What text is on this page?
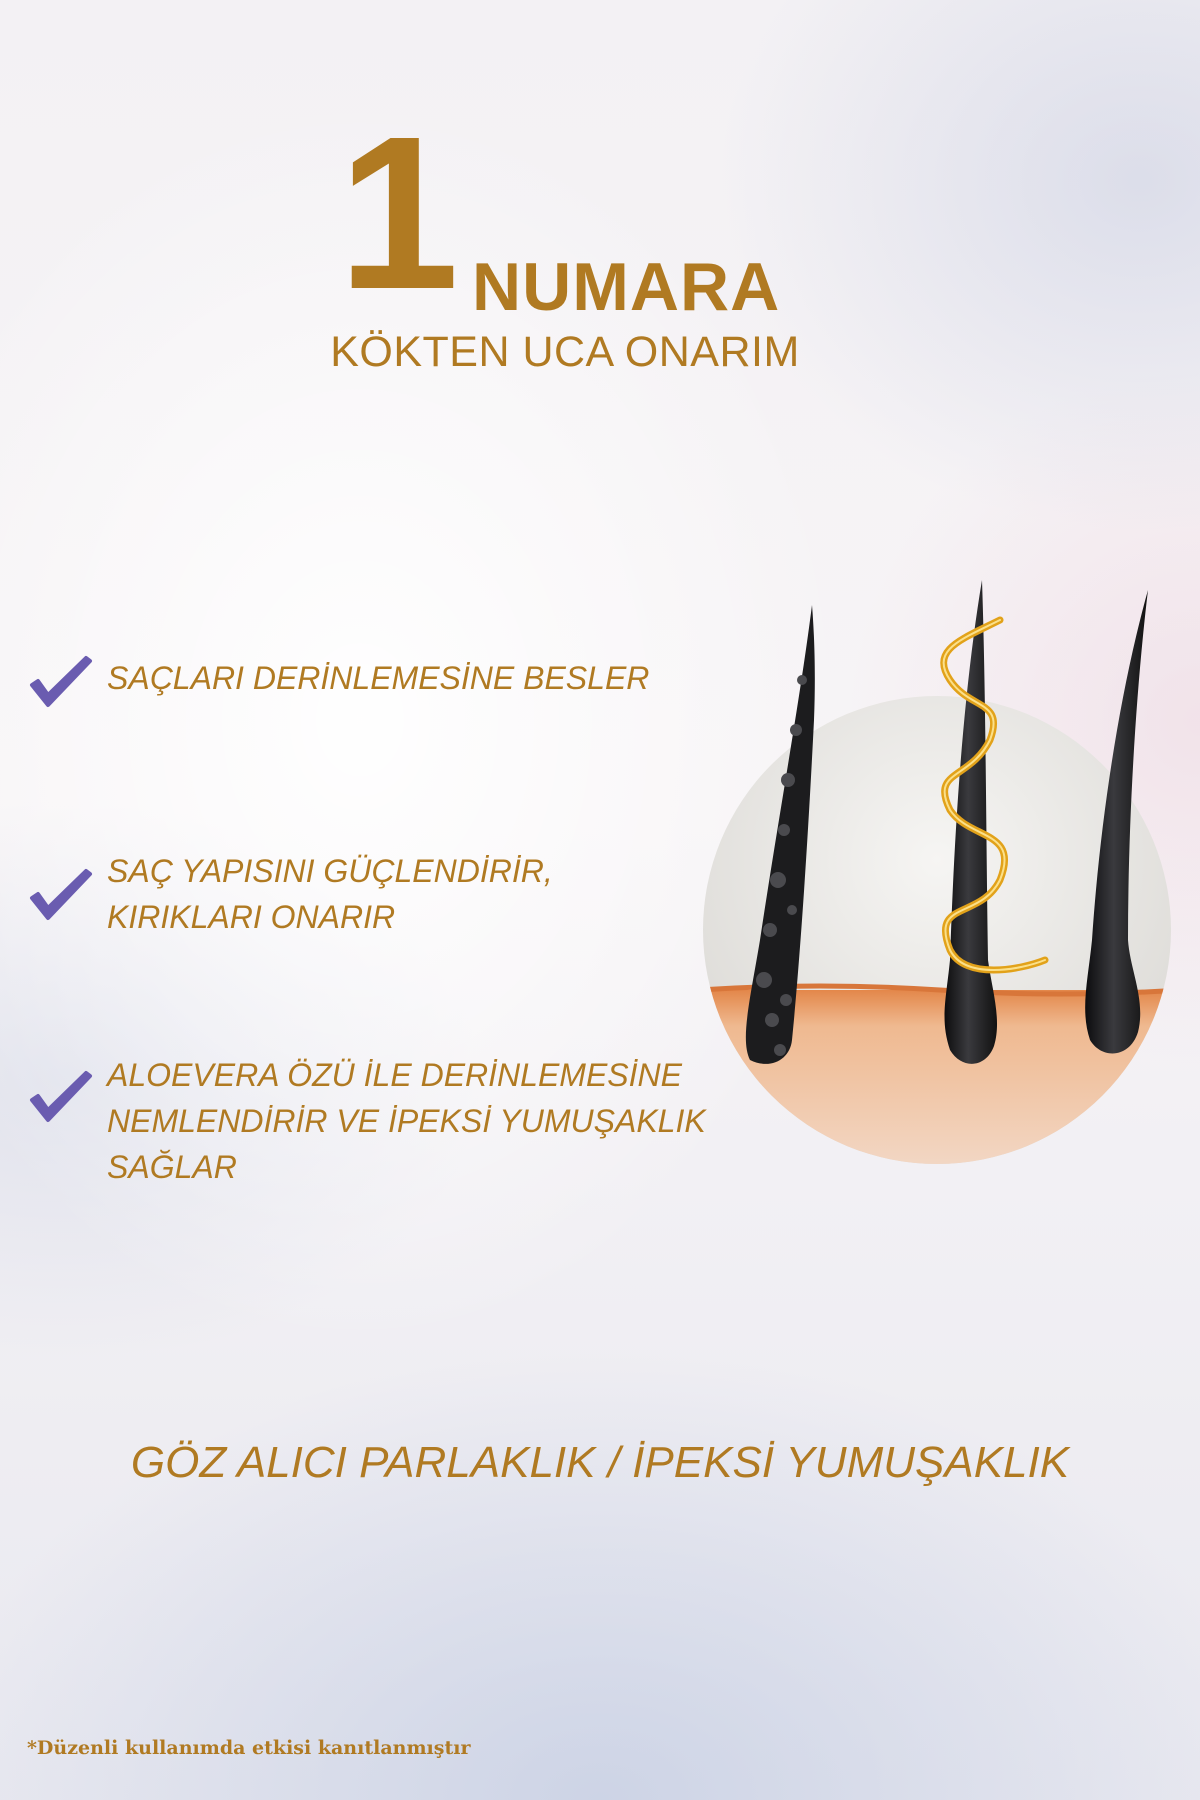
1 NUMARA
KÖKTEN UCA ONARIM
SAÇLARI DERİNLEMESİNE BESLER
SAÇ YAPISINI GÜÇLENDİRİR,
KIRIKLARI ONARIR
ALOEVERA ÖZÜ İLE DERİNLEMESİNE
NEMLENDİRİR VE İPEKSİ YUMUŞAKLIK
SAĞLAR
GÖZ ALICI PARLAKLIK / İPEKSİ YUMUŞAKLIK
*Düzenli kullanımda etkisi kanıtlanmıştır
